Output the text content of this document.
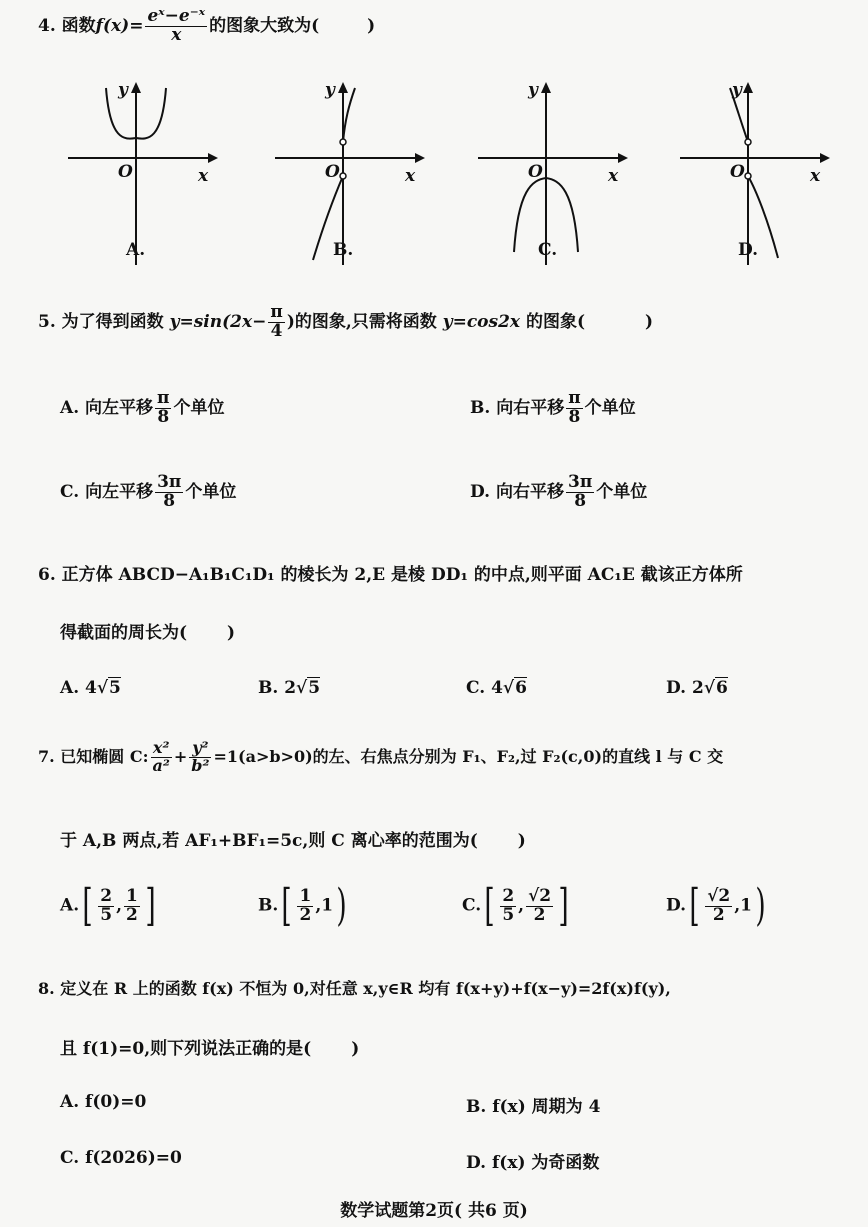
4. 函数$f(x)= \frac{\text{eˣ−e⁻ˣ}}{x}$ 的图象大致为(	)
y
x
O
A.
y
x
O
B.
y
x
O
C.
y
x
O
D.
5. 为了得到函数 $y=\sin(2x- \frac{\pi}{4}$ )的图象,只需将函数 y=cos2x 的图象(	)
A. 向左平移 $\frac{\pi}{8}$ 个单位	B. 向右平移 $\frac{\pi}{8}$ 个单位
C. 向左平移 $\frac{3\pi}{8}$ 个单位	D. 向右平移 $\frac{3\pi}{8}$ 个单位
6. 正方体 ABCD−A₁B₁C₁D₁ 的棱长为 2,E 是棱 DD₁ 的中点,则平面 AC₁E 截该正方体所
得截面的周长为( )
A. 4√5	B. 2√5	C. 4√6	D. 2√6
7. 已知椭圆 C: $\frac{\text{x²}}{\text{a²}} + \frac{\text{y²}}{\text{b²}} =1(a>b>0)$的左、右焦点分别为 F₁、F₂,过 F₂(c,0)的直线 l 与 C 交
于 A,B 两点,若 AF₁+BF₁=5c,则 C 离心率的范围为( )
$A.[ \frac{2}{5}$ , $\frac{1}{2}$ ]	$B.[ \frac{1}{2} ,1)$	$C.[ \frac{2}{5}$ , $\frac{√2}{2}$ ]	$D.[ \frac{√2}{2} ,1)$
8. 定义在 R 上的函数 f(x) 不恒为 0,对任意 x,y∈R 均有 f(x+y)+f(x−y)=2f(x)f(y),
且 f(1)=0,则下列说法正确的是( )
A. f(0)=0	B. f(x) 周期为 4
C. f(2026)=0	D. f(x) 为奇函数
数学试题第2页( 共6 页)
